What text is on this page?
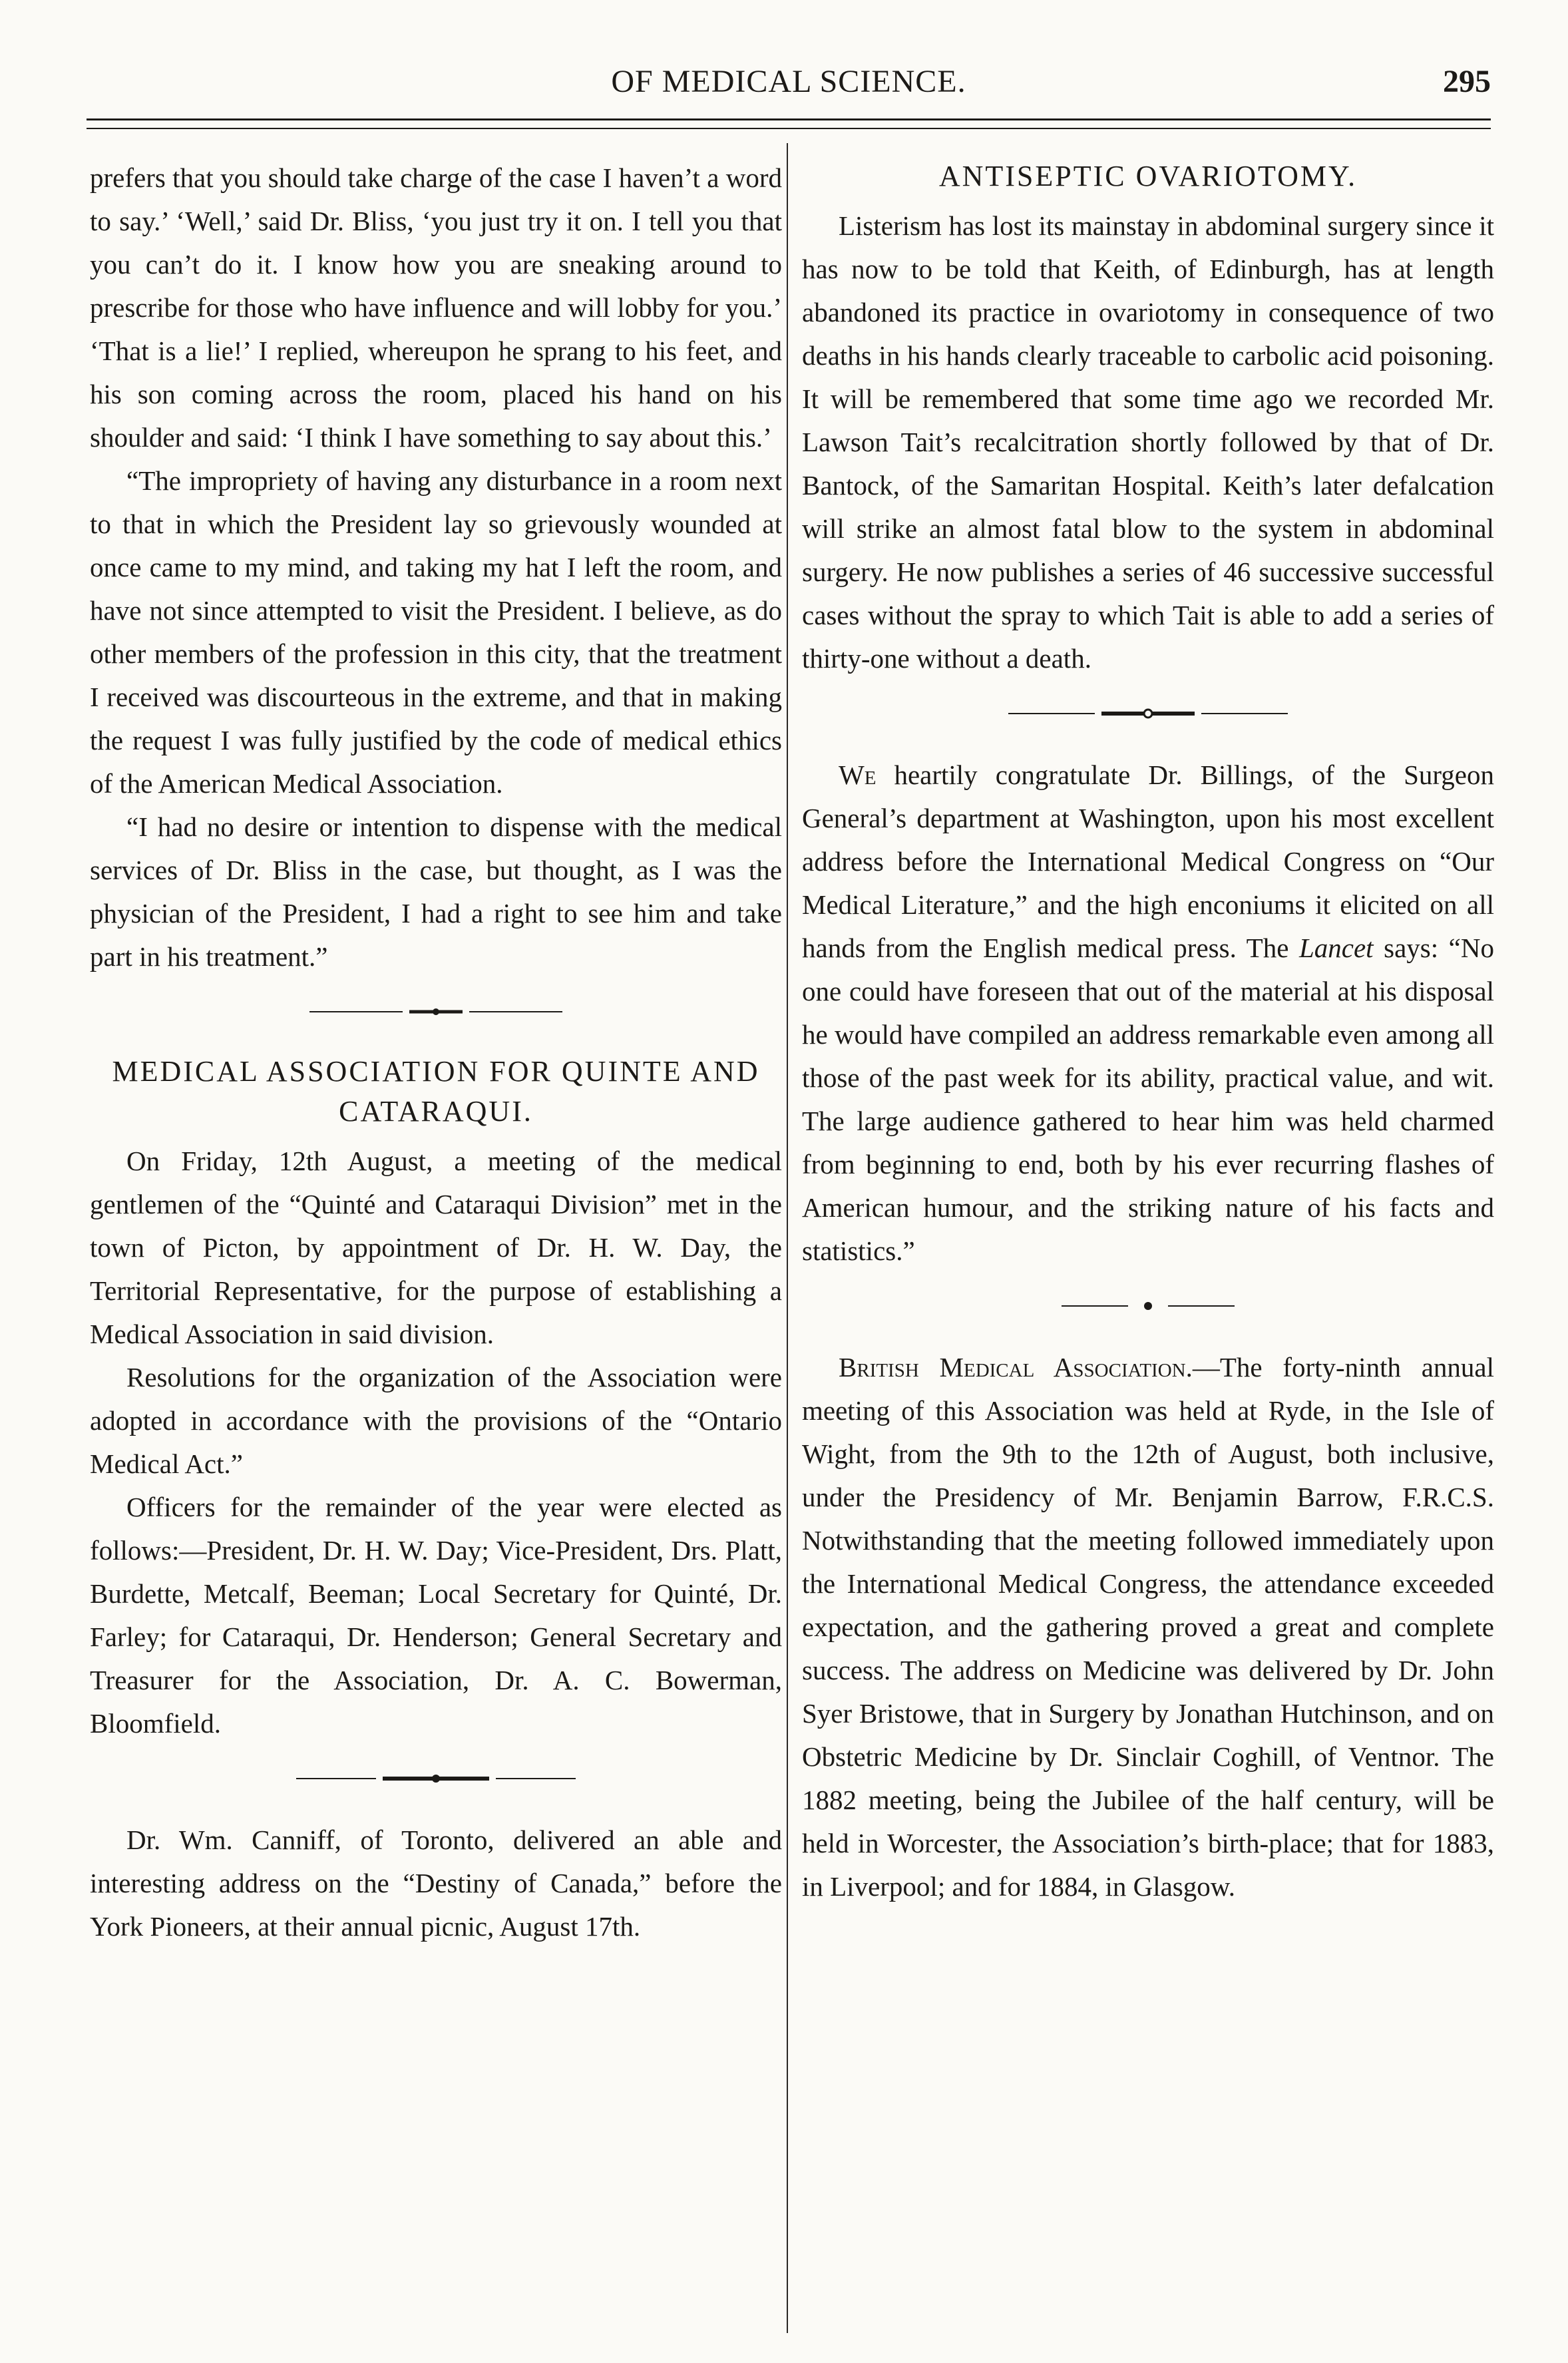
OF MEDICAL SCIENCE.	295

prefers that you should take charge of the case I haven’t a word to say.’ ‘Well,’ said Dr. Bliss, ‘you just try it on. I tell you that you can’t do it. I know how you are sneaking around to prescribe for those who have influence and will lobby for you.’ ‘That is a lie!’ I replied, whereupon he sprang to his feet, and his son coming across the room, placed his hand on his shoulder and said: ‘I think I have something to say about this.’

“The impropriety of having any disturbance in a room next to that in which the President lay so grievously wounded at once came to my mind, and taking my hat I left the room, and have not since attempted to visit the President. I believe, as do other members of the profession in this city, that the treatment I received was discourteous in the extreme, and that in making the request I was fully justified by the code of medical ethics of the American Medical Association.

“I had no desire or intention to dispense with the medical services of Dr. Bliss in the case, but thought, as I was the physician of the President, I had a right to see him and take part in his treatment.”

MEDICAL ASSOCIATION FOR QUINTE AND CATARAQUI.

On Friday, 12th August, a meeting of the medical gentlemen of the “Quinté and Cataraqui Division” met in the town of Picton, by appointment of Dr. H. W. Day, the Territorial Representative, for the purpose of establishing a Medical Association in said division.

Resolutions for the organization of the Association were adopted in accordance with the provisions of the “Ontario Medical Act.”

Officers for the remainder of the year were elected as follows:—President, Dr. H. W. Day; Vice-President, Drs. Platt, Burdette, Metcalf, Beeman; Local Secretary for Quinté, Dr. Farley; for Cataraqui, Dr. Henderson; General Secretary and Treasurer for the Association, Dr. A. C. Bowerman, Bloomfield.

Dr. Wm. Canniff, of Toronto, delivered an able and interesting address on the “Destiny of Canada,” before the York Pioneers, at their annual picnic, August 17th.

ANTISEPTIC OVARIOTOMY.

Listerism has lost its mainstay in abdominal surgery since it has now to be told that Keith, of Edinburgh, has at length abandoned its practice in ovariotomy in consequence of two deaths in his hands clearly traceable to carbolic acid poisoning. It will be remembered that some time ago we recorded Mr. Lawson Tait’s recalcitration shortly followed by that of Dr. Bantock, of the Samaritan Hospital. Keith’s later defalcation will strike an almost fatal blow to the system in abdominal surgery. He now publishes a series of 46 successive successful cases without the spray to which Tait is able to add a series of thirty-one without a death.

We heartily congratulate Dr. Billings, of the Surgeon General’s department at Washington, upon his most excellent address before the International Medical Congress on “Our Medical Literature,” and the high enconiums it elicited on all hands from the English medical press. The Lancet says: “No one could have foreseen that out of the material at his disposal he would have compiled an address remarkable even among all those of the past week for its ability, practical value, and wit. The large audience gathered to hear him was held charmed from beginning to end, both by his ever recurring flashes of American humour, and the striking nature of his facts and statistics.”

British Medical Association.—The forty-ninth annual meeting of this Association was held at Ryde, in the Isle of Wight, from the 9th to the 12th of August, both inclusive, under the Presidency of Mr. Benjamin Barrow, F.R.C.S. Notwithstanding that the meeting followed immediately upon the International Medical Congress, the attendance exceeded expectation, and the gathering proved a great and complete success. The address on Medicine was delivered by Dr. John Syer Bristowe, that in Surgery by Jonathan Hutchinson, and on Obstetric Medicine by Dr. Sinclair Coghill, of Ventnor. The 1882 meeting, being the Jubilee of the half century, will be held in Worcester, the Association’s birth-place; that for 1883, in Liverpool; and for 1884, in Glasgow.
